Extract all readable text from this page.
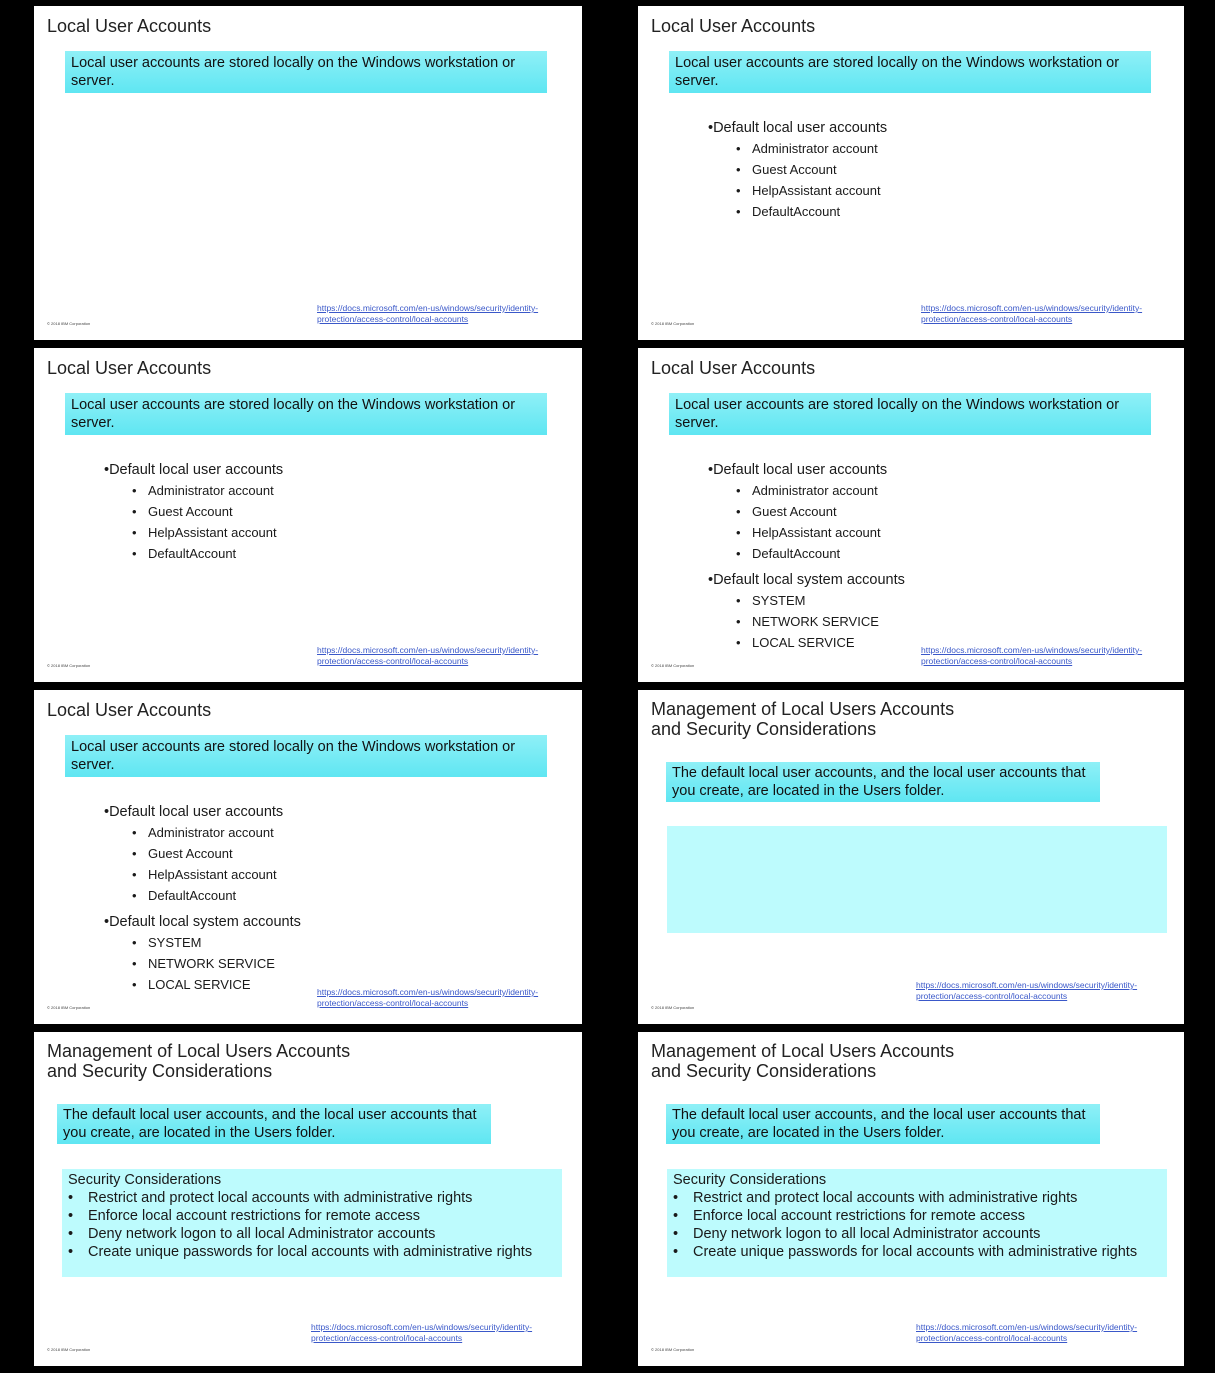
Local User Accounts
Local user accounts are stored locally on the Windows workstation or server.
https://docs.microsoft.com/en-us/windows/security/identity-protection/access-control/local-accounts
© 2018 IBM Corporation
Local User Accounts
Local user accounts are stored locally on the Windows workstation or server.
•Default local user accounts
• Administrator account
• Guest Account
• HelpAssistant account
• DefaultAccount
https://docs.microsoft.com/en-us/windows/security/identity-protection/access-control/local-accounts
© 2018 IBM Corporation
Local User Accounts
Local user accounts are stored locally on the Windows workstation or server.
•Default local user accounts
• Administrator account
• Guest Account
• HelpAssistant account
• DefaultAccount
https://docs.microsoft.com/en-us/windows/security/identity-protection/access-control/local-accounts
© 2018 IBM Corporation
Local User Accounts
Local user accounts are stored locally on the Windows workstation or server.
•Default local user accounts
• Administrator account
• Guest Account
• HelpAssistant account
• DefaultAccount
•Default local system accounts
• SYSTEM
• NETWORK SERVICE
• LOCAL SERVICE	https://docs.microsoft.com/en-us/windows/security/identity-protection/access-control/local-accounts
© 2018 IBM Corporation
Local User Accounts
Local user accounts are stored locally on the Windows workstation or server.
•Default local user accounts
• Administrator account
• Guest Account
• HelpAssistant account
• DefaultAccount
•Default local system accounts
• SYSTEM
• NETWORK SERVICE
• LOCAL SERVICE	https://docs.microsoft.com/en-us/windows/security/identity-protection/access-control/local-accounts
© 2018 IBM Corporation
Management of Local Users Accounts
and Security Considerations
The default local user accounts, and the local user accounts that you create, are located in the Users folder.
https://docs.microsoft.com/en-us/windows/security/identity-protection/access-control/local-accounts
© 2018 IBM Corporation
Management of Local Users Accounts
and Security Considerations
The default local user accounts, and the local user accounts that you create, are located in the Users folder.
Security Considerations
• Restrict and protect local accounts with administrative rights
• Enforce local account restrictions for remote access
• Deny network logon to all local Administrator accounts
• Create unique passwords for local accounts with administrative rights
https://docs.microsoft.com/en-us/windows/security/identity-protection/access-control/local-accounts
© 2018 IBM Corporation
Management of Local Users Accounts
and Security Considerations
The default local user accounts, and the local user accounts that you create, are located in the Users folder.
Security Considerations
• Restrict and protect local accounts with administrative rights
• Enforce local account restrictions for remote access
• Deny network logon to all local Administrator accounts
• Create unique passwords for local accounts with administrative rights
https://docs.microsoft.com/en-us/windows/security/identity-protection/access-control/local-accounts
© 2018 IBM Corporation
